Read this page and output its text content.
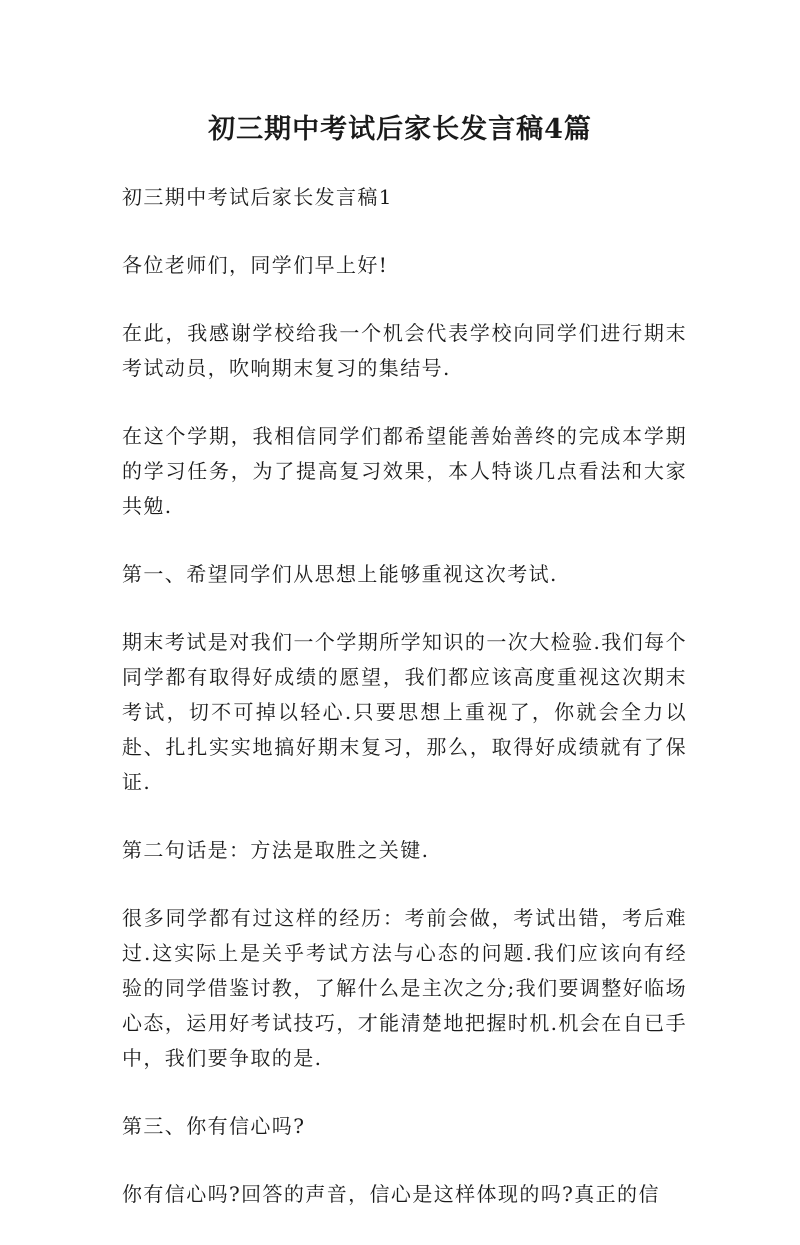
初三期中考试后家长发言稿4篇

初三期中考试后家长发言稿1

各位老师们，同学们早上好!

在此，我感谢学校给我一个机会代表学校向同学们进行期末考试动员，吹响期末复习的集结号.

在这个学期，我相信同学们都希望能善始善终的完成本学期的学习任务，为了提高复习效果，本人特谈几点看法和大家共勉.

第一、希望同学们从思想上能够重视这次考试.

期末考试是对我们一个学期所学知识的一次大检验.我们每个同学都有取得好成绩的愿望，我们都应该高度重视这次期末考试，切不可掉以轻心.只要思想上重视了，你就会全力以赴、扎扎实实地搞好期末复习，那么，取得好成绩就有了保证.

第二句话是：方法是取胜之关键.

很多同学都有过这样的经历：考前会做，考试出错，考后难过.这实际上是关乎考试方法与心态的问题.我们应该向有经验的同学借鉴讨教，了解什么是主次之分;我们要调整好临场心态，运用好考试技巧，才能清楚地把握时机.机会在自已手中，我们要争取的是.

第三、你有信心吗?

你有信心吗?回答的声音，信心是这样体现的吗?真正的信
